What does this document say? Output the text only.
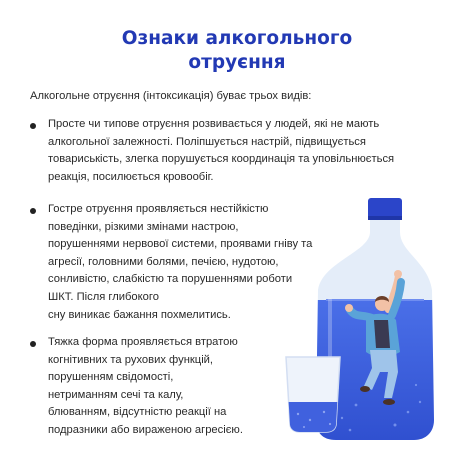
Ознаки алкогольного
отруєння
Алкогольне отруєння (інтоксикація) буває трьох видів:
Просте чи типове отруєння розвивається у людей, які не мають
алкогольної залежності. Поліпшується настрій, підвищується
товариськість, злегка порушується координація та уповільнюється
реакція, посилюється кровообіг.
Гостре отруєння проявляється нестійкістю
поведінки, різкими змінами настрою,
порушеннями нервової системи, проявами гніву та
агресії, головними болями, печією, нудотою,
сонливістю, слабкістю та порушеннями роботи
ШКТ. Після глибокого
сну виникає бажання похмелитись.
Тяжка форма проявляється втратою
когнітивних та рухових функцій,
порушенням свідомості,
нетриманням сечі та калу,
блюванням, відсутністю реакції на
подразники або вираженою агресією.
